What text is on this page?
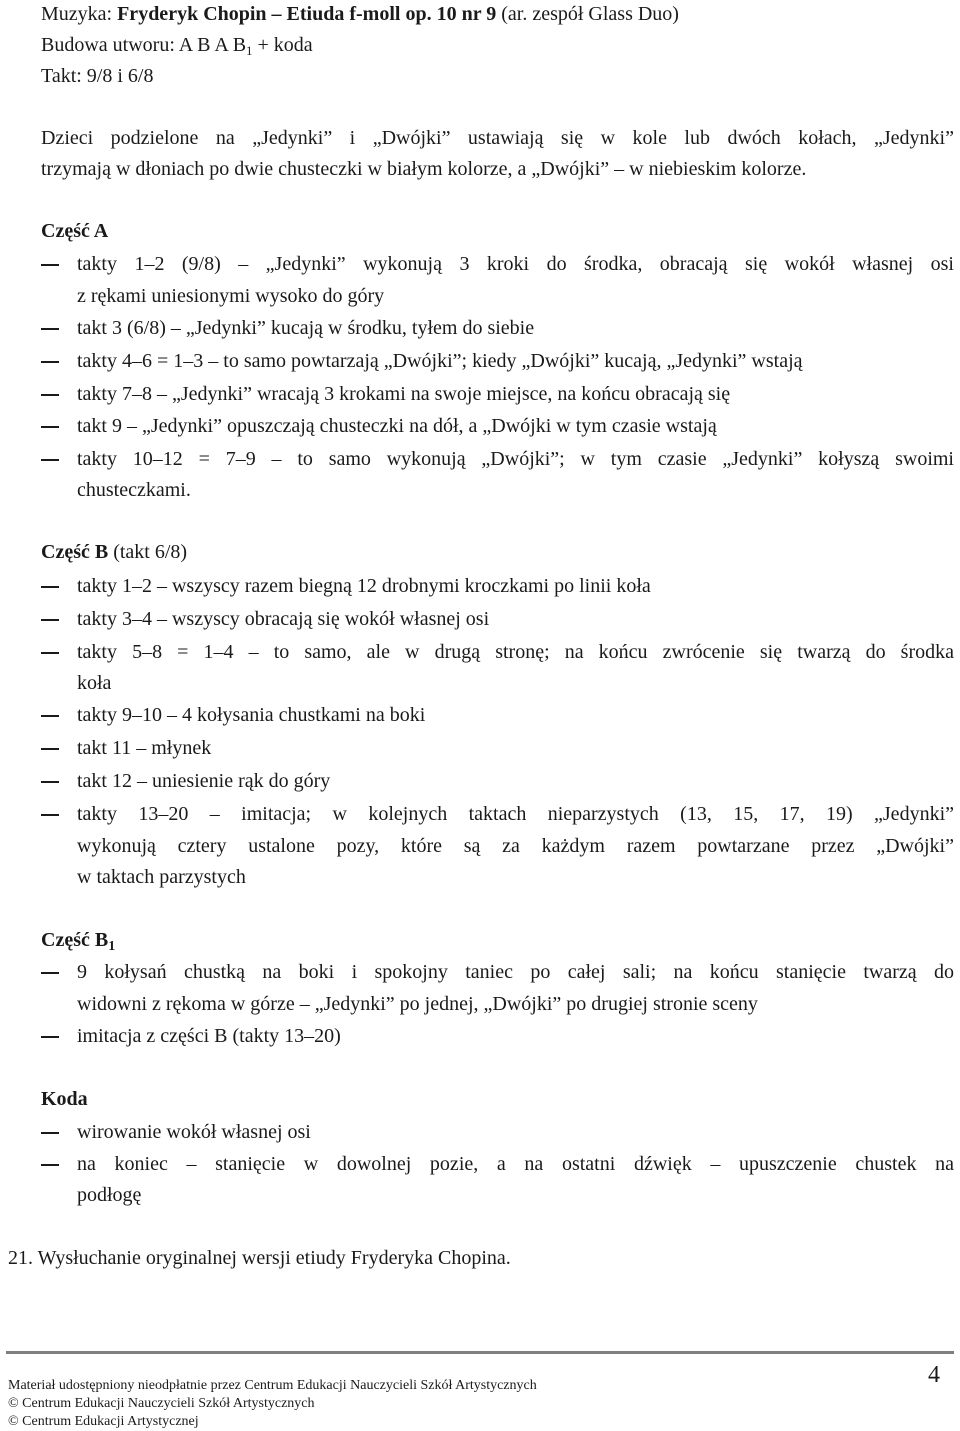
Muzyka: Fryderyk Chopin – Etiuda f-moll op. 10 nr 9 (ar. zespół Glass Duo)
Budowa utworu: A B A $B_1$ + koda
Takt: 9/8 i 6/8
Dzieci podzielone na „Jedynki” i „Dwójki” ustawiają się w kole lub dwóch kołach, „Jedynki”
trzymają w dłoniach po dwie chusteczki w białym kolorze, a „Dwójki” – w niebieskim kolorze.
Część A
takty 1–2 (9/8) – „Jedynki” wykonują 3 kroki do środka, obracają się wokół własnej osi
z rękami uniesionymi wysoko do góry
takt 3 (6/8) – „Jedynki” kucają w środku, tyłem do siebie
takty 4–6 = 1–3 – to samo powtarzają „Dwójki”; kiedy „Dwójki” kucają, „Jedynki” wstają
takty 7–8 – „Jedynki” wracają 3 krokami na swoje miejsce, na końcu obracają się
takt 9 – „Jedynki” opuszczają chusteczki na dół, a „Dwójki w tym czasie wstają
takty 10–12 = 7–9 – to samo wykonują „Dwójki”; w tym czasie „Jedynki” kołyszą swoimi
chusteczkami.
Część B (takt 6/8)
takty 1–2 – wszyscy razem biegną 12 drobnymi kroczkami po linii koła
takty 3–4 – wszyscy obracają się wokół własnej osi
takty 5–8 = 1–4 – to samo, ale w drugą stronę; na końcu zwrócenie się twarzą do środka
koła
takty 9–10 – 4 kołysania chustkami na boki
takt 11 – młynek
takt 12 – uniesienie rąk do góry
takty 13–20 – imitacja; w kolejnych taktach nieparzystych (13, 15, 17, 19) „Jedynki”
wykonują cztery ustalone pozy, które są za każdym razem powtarzane przez „Dwójki”
w taktach parzystych
Część $B_1$
9 kołysań chustką na boki i spokojny taniec po całej sali; na końcu stanięcie twarzą do
widowni z rękoma w górze – „Jedynki” po jednej, „Dwójki” po drugiej stronie sceny
imitacja z części B (takty 13–20)
Koda
wirowanie wokół własnej osi
na koniec – stanięcie w dowolnej pozie, a na ostatni dźwięk – upuszczenie chustek na
podłogę
21. Wysłuchanie oryginalnej wersji etiudy Fryderyka Chopina.
4
Materiał udostępniony nieodpłatnie przez Centrum Edukacji Nauczycieli Szkół Artystycznych
© Centrum Edukacji Nauczycieli Szkół Artystycznych
© Centrum Edukacji Artystycznej
